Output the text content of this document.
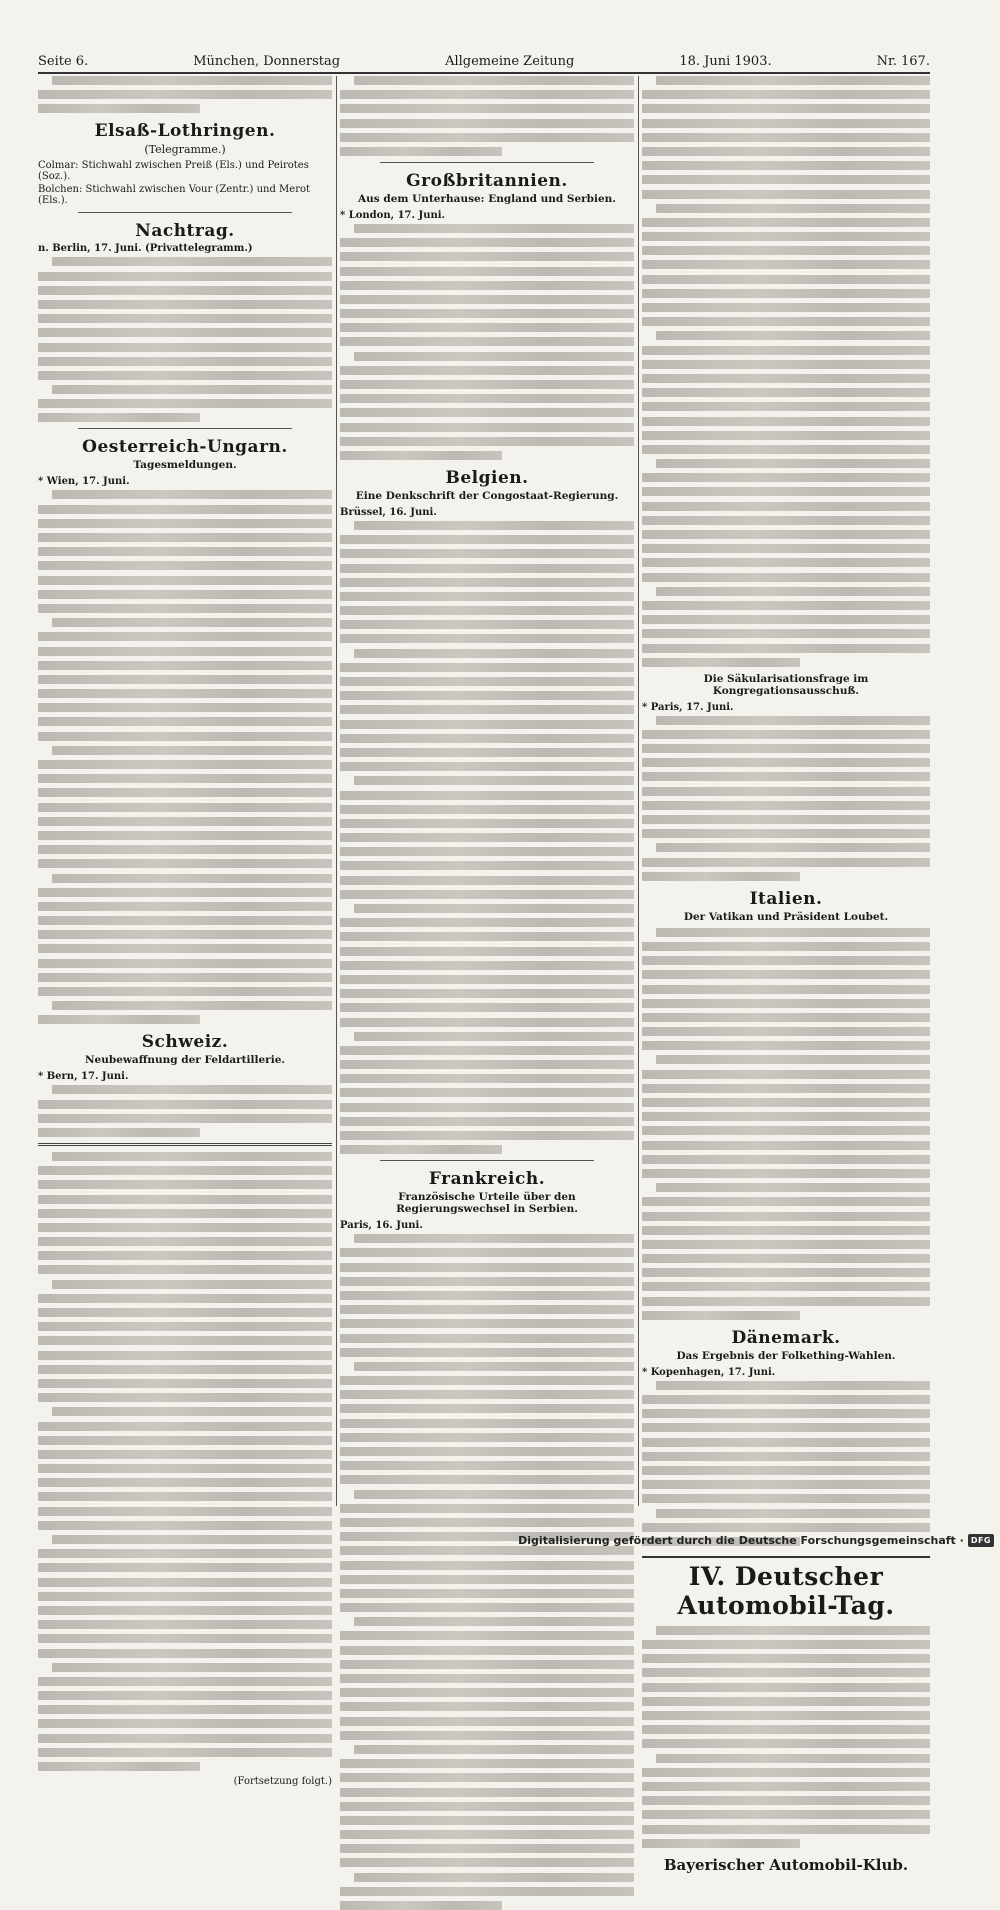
Seite 6.	München, Donnerstag	Allgemeine Zeitung	18. Juni 1903.	Nr. 167.
Elsaß-Lothringen.
(Telegramme.)
Colmar: Stichwahl zwischen Preiß (Els.) und Peirotes (Soz.).
Bolchen: Stichwahl zwischen Vour (Zentr.) und Merot (Els.).
Nachtrag.
n. Berlin, 17. Juni. (Privattelegramm.)
Oesterreich-Ungarn.
Tagesmeldungen.
* Wien, 17. Juni.
Schweiz.
Neubewaffnung der Feldartillerie.
* Bern, 17. Juni.
(Fortsetzung folgt.)
Großbritannien.
Aus dem Unterhause: England und Serbien.
* London, 17. Juni.
Belgien.
Eine Denkschrift der Congostaat-Regierung.
Brüssel, 16. Juni.
Frankreich.
Französische Urteile über den Regierungswechsel in Serbien.
Paris, 16. Juni.
Die Säkularisationsfrage im Kongregationsausschuß.
* Paris, 17. Juni.
Italien.
Der Vatikan und Präsident Loubet.
Dänemark.
Das Ergebnis der Folkething-Wahlen.
* Kopenhagen, 17. Juni.
IV. Deutscher Automobil-Tag.
Bayerischer Automobil-Klub.
Digitalisierung gefördert durch die Deutsche Forschungsgemeinschaft · DFG
